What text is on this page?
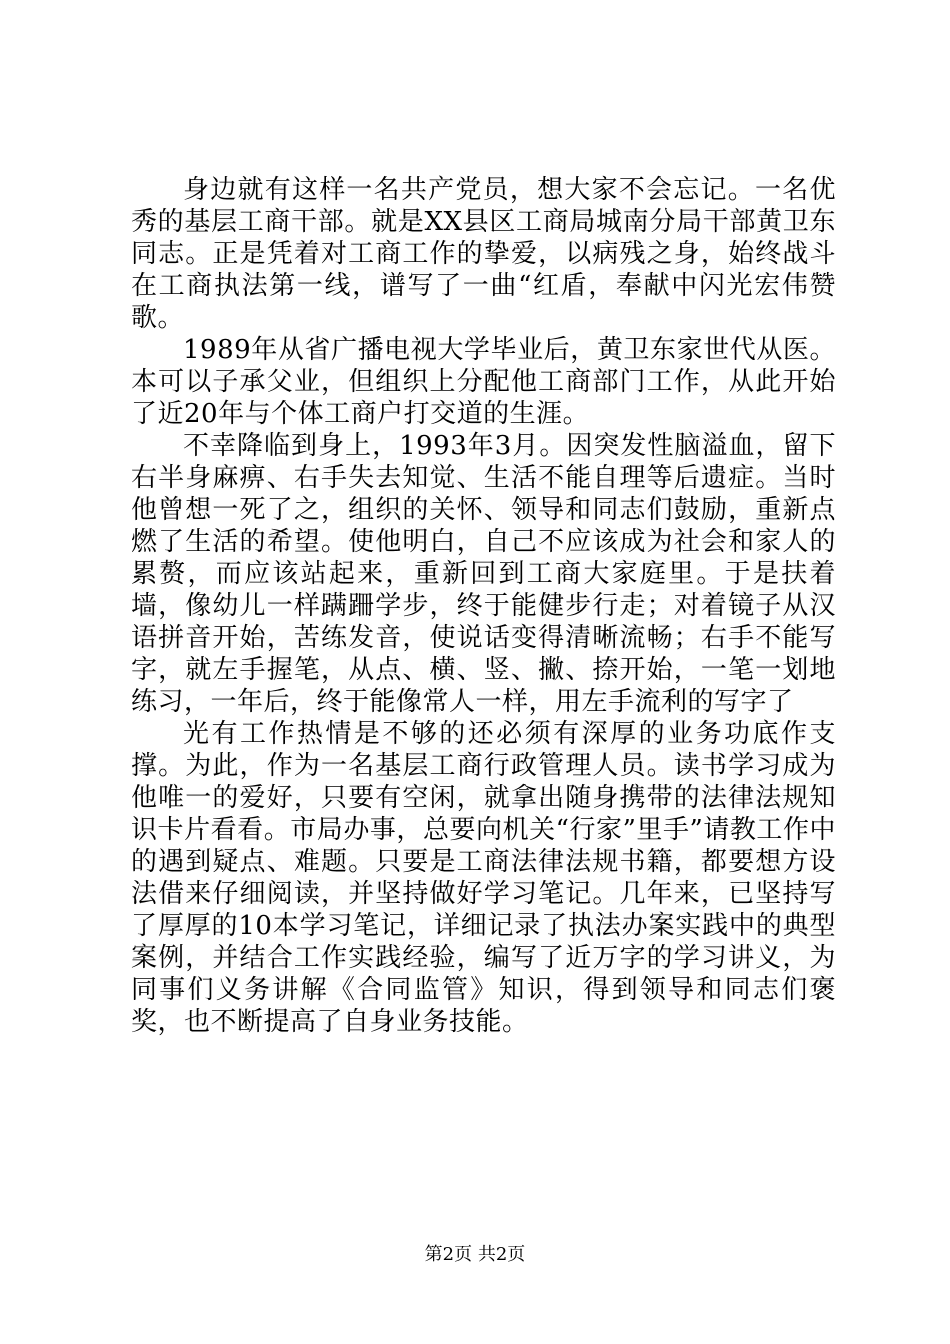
身边就有这样一名共产党员，想大家不会忘记。一名优秀的基层工商干部。就是XX县区工商局城南分局干部黄卫东同志。正是凭着对工商工作的挚爱，以病残之身，始终战斗在工商执法第一线，谱写了一曲“红盾，奉献中闪光宏伟赞歌。

1989年从省广播电视大学毕业后，黄卫东家世代从医。本可以子承父业，但组织上分配他工商部门工作，从此开始了近20年与个体工商户打交道的生涯。

不幸降临到身上，1993年3月。因突发性脑溢血，留下右半身麻痹、右手失去知觉、生活不能自理等后遗症。当时他曾想一死了之，组织的关怀、领导和同志们鼓励，重新点燃了生活的希望。使他明白，自己不应该成为社会和家人的累赘，而应该站起来，重新回到工商大家庭里。于是扶着墙，像幼儿一样蹒跚学步，终于能健步行走；对着镜子从汉语拼音开始，苦练发音，使说话变得清晰流畅；右手不能写字，就左手握笔，从点、横、竖、撇、捺开始，一笔一划地练习，一年后，终于能像常人一样，用左手流利的写字了

光有工作热情是不够的还必须有深厚的业务功底作支撑。为此，作为一名基层工商行政管理人员。读书学习成为他唯一的爱好，只要有空闲，就拿出随身携带的法律法规知识卡片看看。市局办事，总要向机关“行家”里手”请教工作中的遇到疑点、难题。只要是工商法律法规书籍，都要想方设法借来仔细阅读，并坚持做好学习笔记。几年来，已坚持写了厚厚的10本学习笔记，详细记录了执法办案实践中的典型案例，并结合工作实践经验，编写了近万字的学习讲义，为同事们义务讲解《合同监管》知识，得到领导和同志们褒奖，也不断提高了自身业务技能。

第2页 共2页
